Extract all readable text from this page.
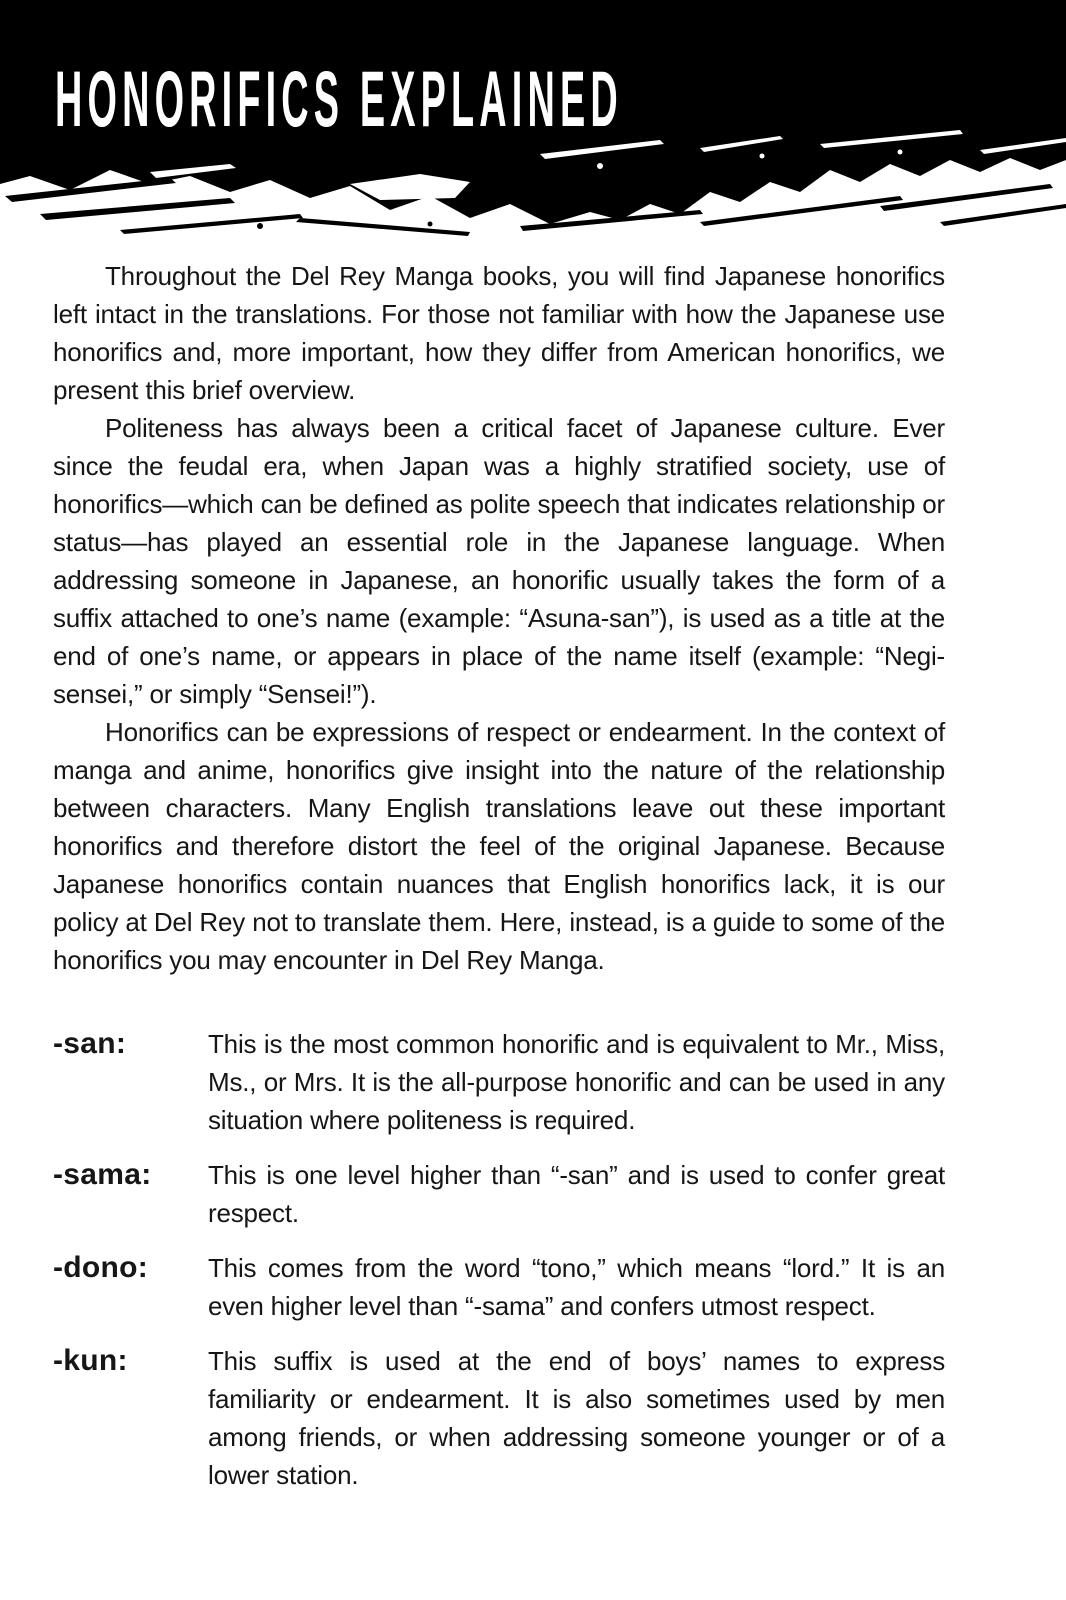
HONORIFICS EXPLAINED

Throughout the Del Rey Manga books, you will find Japanese honorifics left intact in the translations. For those not familiar with how the Japanese use honorifics and, more important, how they differ from American honorifics, we present this brief overview.

Politeness has always been a critical facet of Japanese culture. Ever since the feudal era, when Japan was a highly stratified society, use of honorifics—which can be defined as polite speech that indicates relationship or status—has played an essential role in the Japanese language. When addressing someone in Japanese, an honorific usually takes the form of a suffix attached to one’s name (example: “Asuna-san”), is used as a title at the end of one’s name, or appears in place of the name itself (example: “Negi-sensei,” or simply “Sensei!”).

Honorifics can be expressions of respect or endearment. In the context of manga and anime, honorifics give insight into the nature of the relationship between characters. Many English translations leave out these important honorifics and therefore distort the feel of the original Japanese. Because Japanese honorifics contain nuances that English honorifics lack, it is our policy at Del Rey not to translate them. Here, instead, is a guide to some of the honorifics you may encounter in Del Rey Manga.

-san:	This is the most common honorific and is equivalent to Mr., Miss, Ms., or Mrs. It is the all-purpose honorific and can be used in any situation where politeness is required.
-sama:	This is one level higher than “-san” and is used to confer great respect.
-dono:	This comes from the word “tono,” which means “lord.” It is an even higher level than “-sama” and confers utmost respect.
-kun:	This suffix is used at the end of boys’ names to express familiarity or endearment. It is also sometimes used by men among friends, or when addressing someone younger or of a lower station.
